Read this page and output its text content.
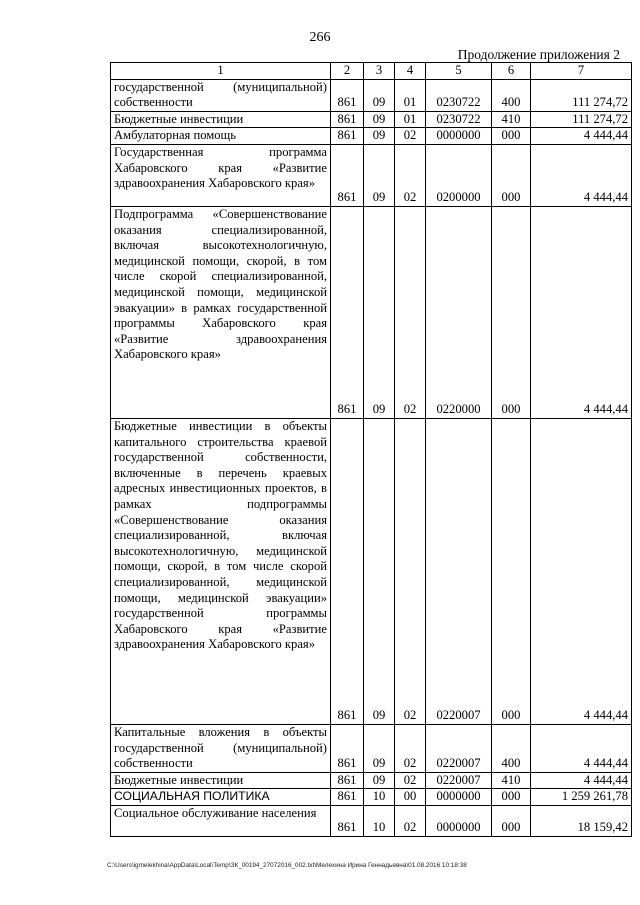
266
Продолжение приложения 2
1	2	3	4	5	6	7
государственной (муниципальной) собственности	861	09	01	0230722	400	111 274,72
Бюджетные инвестиции	861	09	01	0230722	410	111 274,72
Амбулаторная помощь	861	09	02	0000000	000	4 444,44
Государственная программа Хабаровского края «Развитие здравоохранения Хабаровского края»	861	09	02	0200000	000	4 444,44
Подпрограмма «Совершенствование оказания специализированной, включая высокотехнологичную, медицинской помощи, скорой, в том числе скорой специализированной, медицинской помощи, медицинской эвакуации» в рамках государственной программы Хабаровского края «Развитие здравоохранения Хабаровского края»	861	09	02	0220000	000	4 444,44
Бюджетные инвестиции в объекты капитального строительства краевой государственной собственности, включенные в перечень краевых адресных инвестиционных проектов, в рамках подпрограммы «Совершенствование оказания специализированной, включая высокотехнологичную, медицинской помощи, скорой, в том числе скорой специализированной, медицинской помощи, медицинской эвакуации» государственной программы Хабаровского края «Развитие здравоохранения Хабаровского края»	861	09	02	0220007	000	4 444,44
Капитальные вложения в объекты государственной (муниципальной) собственности	861	09	02	0220007	400	4 444,44
Бюджетные инвестиции	861	09	02	0220007	410	4 444,44
СОЦИАЛЬНАЯ ПОЛИТИКА	861	10	00	0000000	000	1 259 261,78
Социальное обслуживание населения	861	10	02	0000000	000	18 159,42
C:\Users\igmelekhina\AppData\Local\Temp\ЗК_00194_27072016_002.txt\Мелехина Ирина Геннадьевна\01.08.2016 10:18:38
